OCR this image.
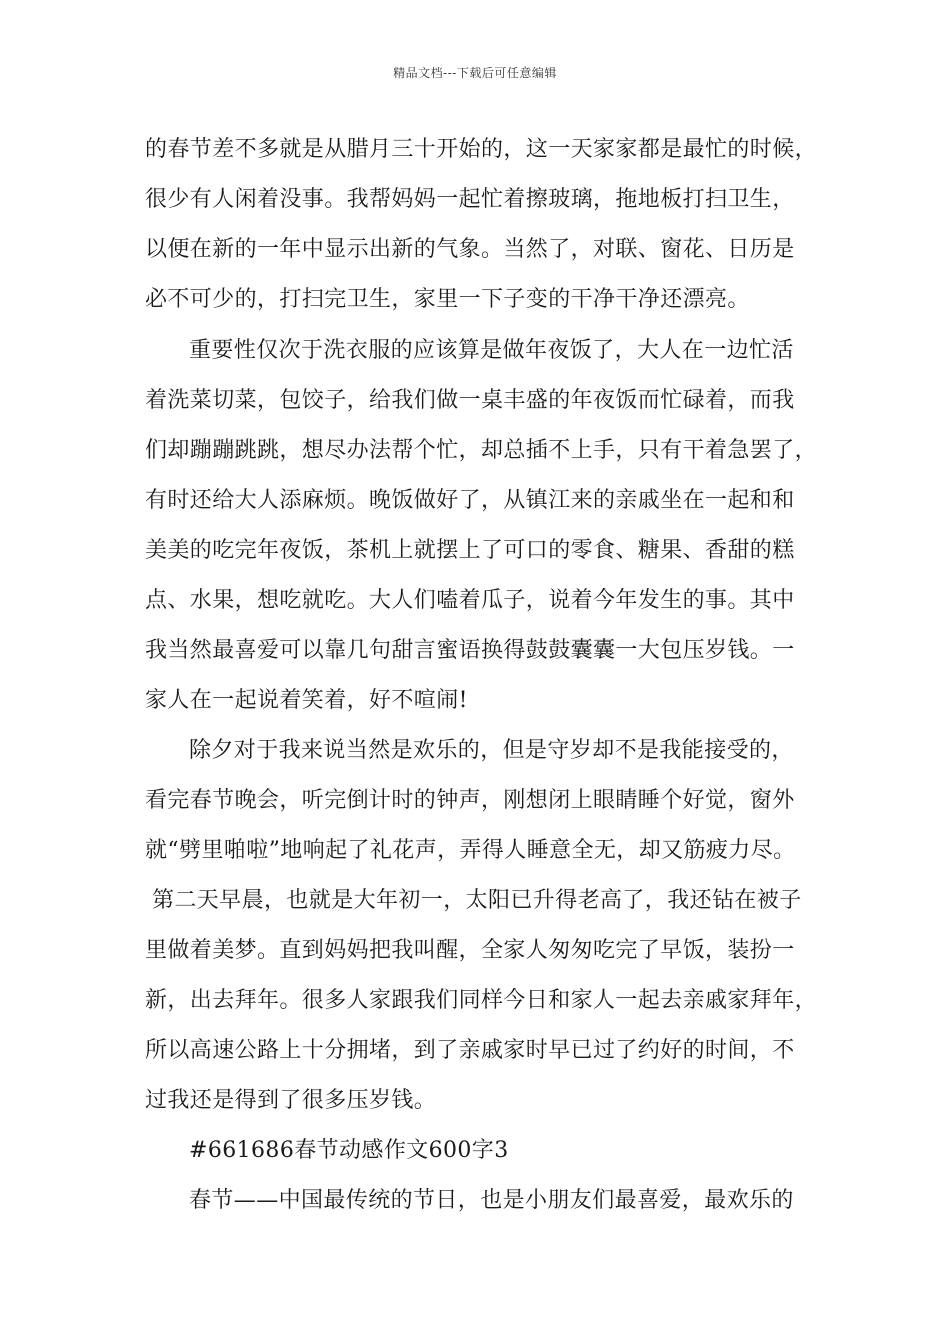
精品文档---下载后可任意编辑
的春节差不多就是从腊月三十开始的，这一天家家都是最忙的时候，
很少有人闲着没事。我帮妈妈一起忙着擦玻璃，拖地板打扫卫生，
以便在新的一年中显示出新的气象。当然了，对联、窗花、日历是
必不可少的，打扫完卫生，家里一下子变的干净干净还漂亮。
重要性仅次于洗衣服的应该算是做年夜饭了，大人在一边忙活
着洗菜切菜，包饺子，给我们做一桌丰盛的年夜饭而忙碌着，而我
们却蹦蹦跳跳，想尽办法帮个忙，却总插不上手，只有干着急罢了，
有时还给大人添麻烦。晚饭做好了，从镇江来的亲戚坐在一起和和
美美的吃完年夜饭，茶机上就摆上了可口的零食、糖果、香甜的糕
点、水果，想吃就吃。大人们嗑着瓜子，说着今年发生的事。其中
我当然最喜爱可以靠几句甜言蜜语换得鼓鼓囊囊一大包压岁钱。一
家人在一起说着笑着，好不喧闹!
除夕对于我来说当然是欢乐的，但是守岁却不是我能接受的，
看完春节晚会，听完倒计时的钟声，刚想闭上眼睛睡个好觉，窗外
就“劈里啪啦”地响起了礼花声，弄得人睡意全无，却又筋疲力尽。
第二天早晨，也就是大年初一，太阳已升得老高了，我还钻在被子
里做着美梦。直到妈妈把我叫醒，全家人匆匆吃完了早饭，装扮一
新，出去拜年。很多人家跟我们同样今日和家人一起去亲戚家拜年，
所以高速公路上十分拥堵，到了亲戚家时早已过了约好的时间，不
过我还是得到了很多压岁钱。
#661686春节动感作文600字3
春节——中国最传统的节日，也是小朋友们最喜爱，最欢乐的
